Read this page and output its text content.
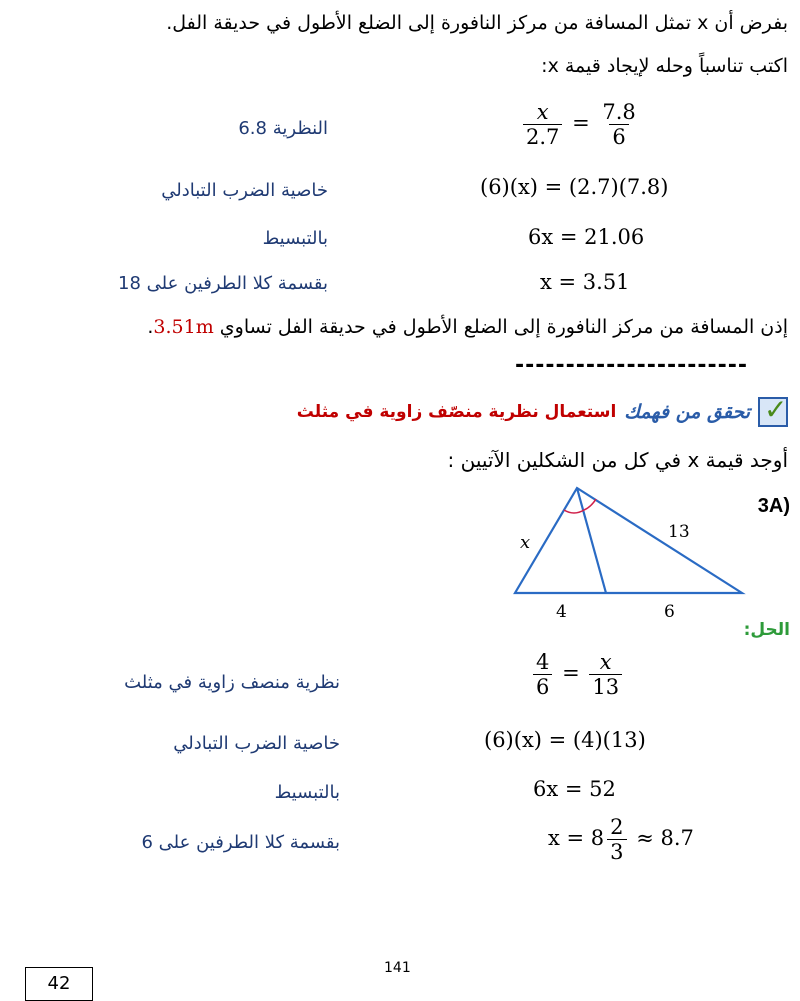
بفرض أن x تمثل المسافة من مركز النافورة إلى الضلع الأطول في حديقة الفل.
اكتب تناسباً وحله لإيجاد قيمة x:
النظرية 6.8	$\frac{x}{2.7} = \frac{7.8}{6}$
خاصية الضرب التبادلي	(6)(x) = (2.7)(7.8)
بالتبسيط	6x = 21.06
بقسمة كلا الطرفين على 18	x = 3.51
إذن المسافة من مركز النافورة إلى الضلع الأطول في حديقة الفل تساوي 3.51m.
-----------------------
✓
تحقق من فهمك
استعمال نظرية منصّف زاوية في مثلث
أوجد قيمة x في كل من الشكلين الآتيين :
3A)
x	13
4	6
الحل:
نظرية منصف زاوية في مثلث	$\frac{4}{6} = \frac{x}{13}$
خاصية الضرب التبادلي	(6)(x) = (4)(13)
بالتبسيط	6x = 52
بقسمة كلا الطرفين على 6	$x = 8 \frac{2}{3} \approx 8.7$
141
42
